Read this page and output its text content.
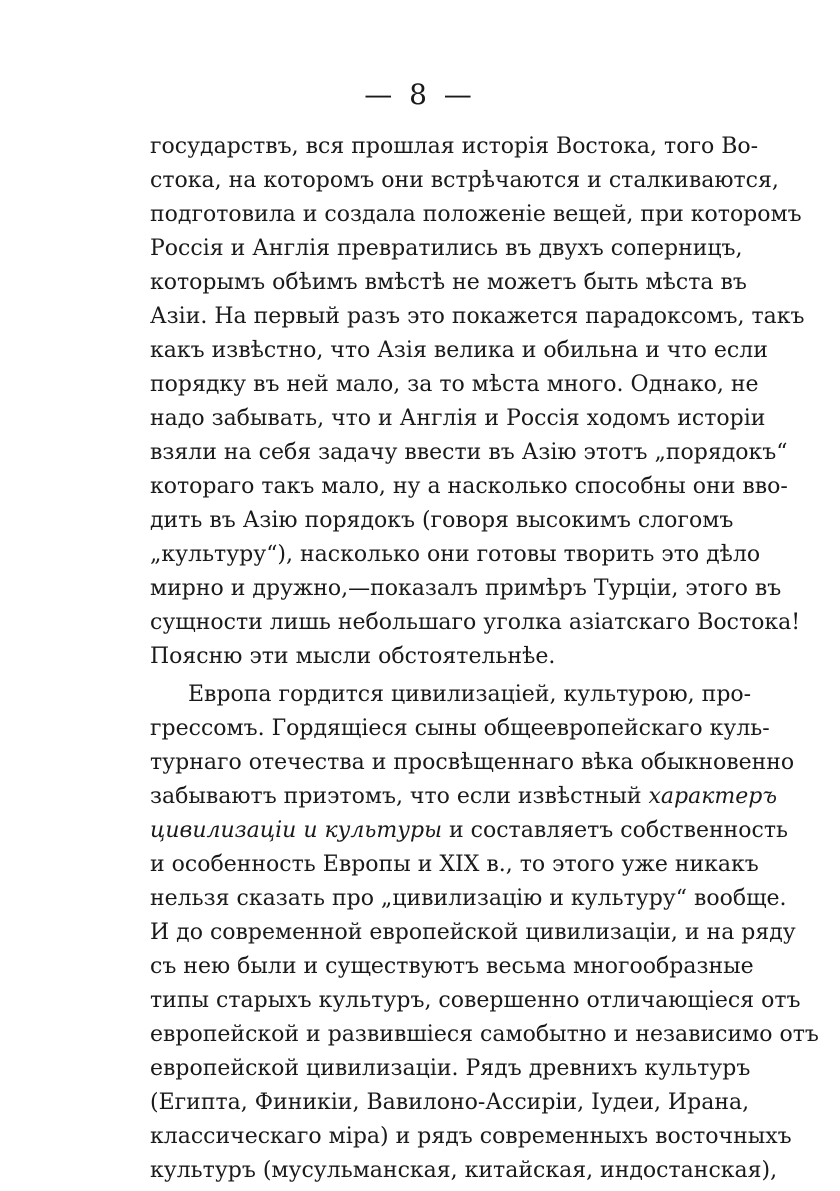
— 8 —
государствъ, вся прошлая исторія Востока, того Во-
стока, на которомъ они встрѣчаются и сталкиваются,
подготовила и создала положеніе вещей, при которомъ
Россія и Англія превратились въ двухъ соперницъ,
которымъ обѣимъ вмѣстѣ не можетъ быть мѣста въ
Азіи. На первый разъ это покажется парадоксомъ, такъ
какъ извѣстно, что Азія велика и обильна и что если
порядку въ ней мало, за то мѣста много. Однако, не
надо забывать, что и Англія и Россія ходомъ исторіи
взяли на себя задачу ввести въ Азію этотъ „порядокъ“
котораго такъ мало, ну а насколько способны они вво-
дить въ Азію порядокъ (говоря высокимъ слогомъ
„культуру“), насколько они готовы творить это дѣло
мирно и дружно,—показалъ примѣръ Турціи, этого въ
сущности лишь небольшаго уголка азіатскаго Востока!
Поясню эти мысли обстоятельнѣе.
Европа гордится цивилизаціей, культурою, про-
грессомъ. Гордящіеся сыны общеевропейскаго куль-
турнаго отечества и просвѣщеннаго вѣка обыкновенно
забываютъ приэтомъ, что если извѣстный характеръ
цивилизаціи и культуры и составляетъ собственность
и особенность Европы и XIX в., то этого уже никакъ
нельзя сказать про „цивилизацію и культуру“ вообще.
И до современной европейской цивилизаціи, и на ряду
съ нею были и существуютъ весьма многообразные
типы старыхъ культуръ, совершенно отличающіеся отъ
европейской и развившіеся самобытно и независимо отъ
европейской цивилизаціи. Рядъ древнихъ культуръ
(Египта, Финикіи, Вавилоно-Ассиріи, Іудеи, Ирана,
классическаго міра) и рядъ современныхъ восточныхъ
культуръ (мусульманская, китайская, индостанская),
